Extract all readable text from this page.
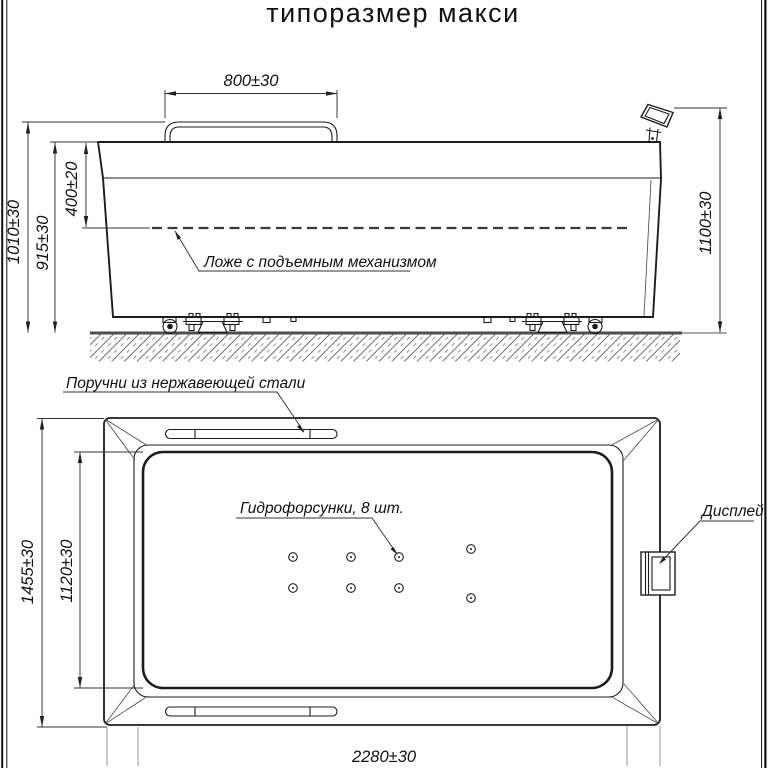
типоразмер макси
800±30
400±20
915±30
1010±30	1100±30
Ложе с подъемным механизмом
Поручни из нержавеющей стали
Гидрофорсунки, 8 шт.	Дисплей
1455±30 1120±30
2280±30
